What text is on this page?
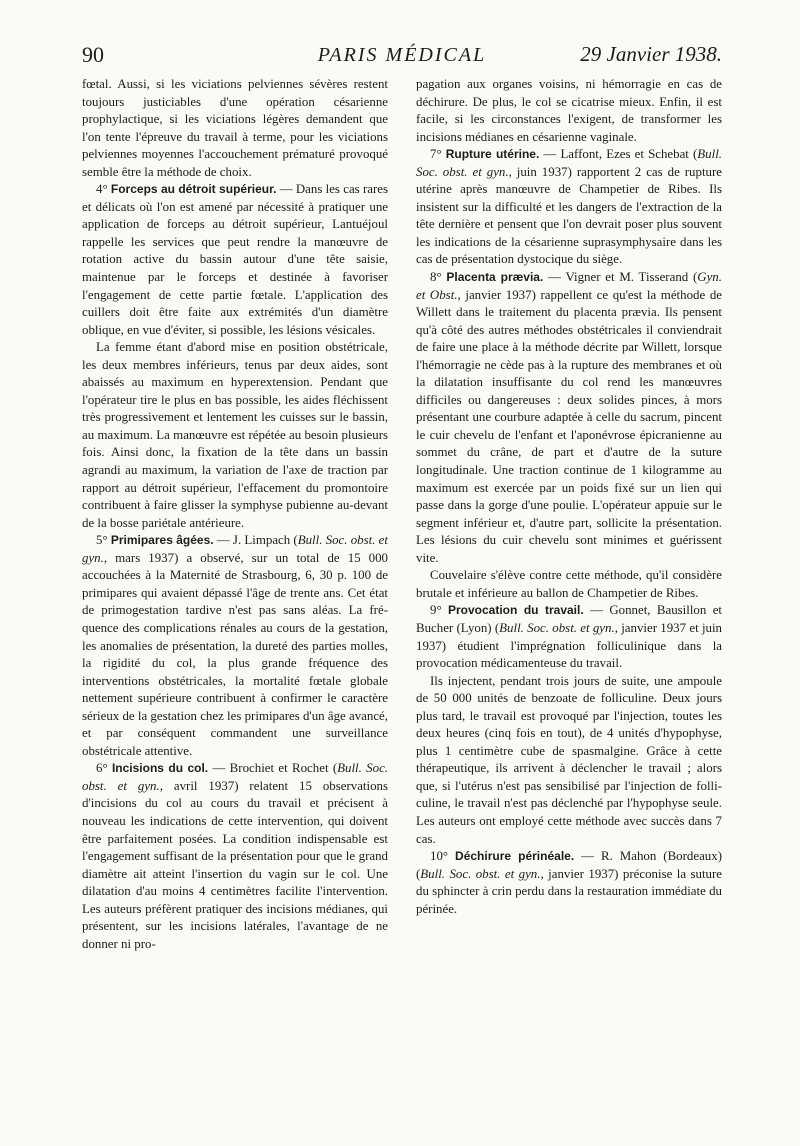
90	PARIS MÉDICAL	29 Janvier 1938.

fœtal. Aussi, si les viciations pelviennes sévères restent toujours justiciables d'une opération césarienne prophylactique, si les viciations légères demandent que l'on tente l'épreuve du travail à terme, pour les viciations pelviennes moyennes l'accouchement prématuré provoqué semble être la méthode de choix.

4° Forceps au détroit supérieur. — Dans les cas rares et délicats où l'on est amené par nécessité à pratiquer une application de forceps au détroit supérieur, Lantuéjoul rappelle les services que peut rendre la manœuvre de rotation active du bassin autour d'une tête saisie, maintenue par le forceps et destinée à favoriser l'engagement de cette partie fœtale. L'application des cuillers doit être faite aux extrémités d'un diamètre oblique, en vue d'éviter, si possible, les lésions vésicales.

La femme étant d'abord mise en position obstétricale, les deux membres inférieurs, tenus par deux aides, sont abaissés au maximum en hyperextension. Pendant que l'opérateur tire le plus en bas possible, les aides fléchissent très progressivement et lentement les cuisses sur le bassin, au maximum. La manœuvre est répétée au besoin plusieurs fois. Ainsi donc, la fixation de la tête dans un bassin agrandi au maximum, la variation de l'axe de traction par rapport au détroit supérieur, l'effacement du promontoire contribuent à faire glisser la symphyse pubienne au-devant de la bosse pariétale antérieure.

5° Primipares âgées. — J. Limpach (Bull. Soc. obst. et gyn., mars 1937) a observé, sur un total de 15 000 accouchées à la Maternité de Strasbourg, 6, 30 p. 100 de primipares qui avaient dépassé l'âge de trente ans. Cet état de primogestation tardive n'est pas sans aléas. La fréquence des complications rénales au cours de la gestation, les anomalies de présentation, la dureté des parties molles, la rigidité du col, la plus grande fréquence des interventions obstétricales, la mortalité fœtale globale nettement supérieure contribuent à confirmer le caractère sérieux de la gestation chez les primipares d'un âge avancé, et par conséquent commandent une surveillance obstétricale attentive.

6° Incisions du col. — Brochiet et Rochet (Bull. Soc. obst. et gyn., avril 1937) relatent 15 observations d'incisions du col au cours du travail et précisent à nouveau les indications de cette intervention, qui doivent être parfaitement posées. La condition indispensable est l'engagement suffisant de la présentation pour que le grand diamètre ait atteint l'insertion du vagin sur le col. Une dilatation d'au moins 4 centimètres facilite l'intervention. Les auteurs préfèrent pratiquer des incisions médianes, qui présentent, sur les incisions latérales, l'avantage de ne donner ni pro-

pagation aux organes voisins, ni hémorragie en cas de déchirure. De plus, le col se cicatrise mieux. Enfin, il est facile, si les circonstances l'exigent, de transformer les incisions médianes en césarienne vaginale.

7° Rupture utérine. — Laffont, Ezes et Schebat (Bull. Soc. obst. et gyn., juin 1937) rapportent 2 cas de rupture utérine après manœuvre de Champetier de Ribes. Ils insistent sur la difficulté et les dangers de l'extraction de la tête dernière et pensent que l'on devrait poser plus souvent les indications de la césarienne suprasymphysaire dans les cas de présentation dystocique du siège.

8° Placenta prævia. — Vigner et M. Tisserand (Gyn. et Obst., janvier 1937) rappellent ce qu'est la méthode de Willett dans le traitement du placenta prævia. Ils pensent qu'à côté des autres méthodes obstétricales il conviendrait de faire une place à la méthode décrite par Willett, lorsque l'hémorragie ne cède pas à la rupture des membranes et où la dilatation insuffisante du col rend les manœuvres difficiles ou dangereuses : deux solides pinces, à mors présentant une courbure adaptée à celle du sacrum, pincent le cuir chevelu de l'enfant et l'aponévrose épicranienne au sommet du crâne, de part et d'autre de la suture longitudinale. Une traction continue de 1 kilogramme au maximum est exercée par un poids fixé sur un lien qui passe dans la gorge d'une poulie. L'opérateur appuie sur le segment inférieur et, d'autre part, sollicite la présentation. Les lésions du cuir chevelu sont minimes et guérissent vite.

Couvelaire s'élève contre cette méthode, qu'il considère brutale et inférieure au ballon de Champetier de Ribes.

9° Provocation du travail. — Gonnet, Bausillon et Bucher (Lyon) (Bull. Soc. obst. et gyn., janvier 1937 et juin 1937) étudient l'imprégnation folliculinique dans la provocation médicamenteuse du travail.

Ils injectent, pendant trois jours de suite, une ampoule de 50 000 unités de benzoate de folliculine. Deux jours plus tard, le travail est provoqué par l'injection, toutes les deux heures (cinq fois en tout), de 4 unités d'hypophyse, plus 1 centimètre cube de spasmalgine. Grâce à cette thérapeutique, ils arrivent à déclencher le travail ; alors que, si l'utérus n'est pas sensibilisé par l'injection de folliculine, le travail n'est pas déclenché par l'hypophyse seule. Les auteurs ont employé cette méthode avec succès dans 7 cas.

10° Déchirure périnéale. — R. Mahon (Bordeaux) (Bull. Soc. obst. et gyn., janvier 1937) préconise la suture du sphincter à crin perdu dans la restauration immédiate du périnée.
